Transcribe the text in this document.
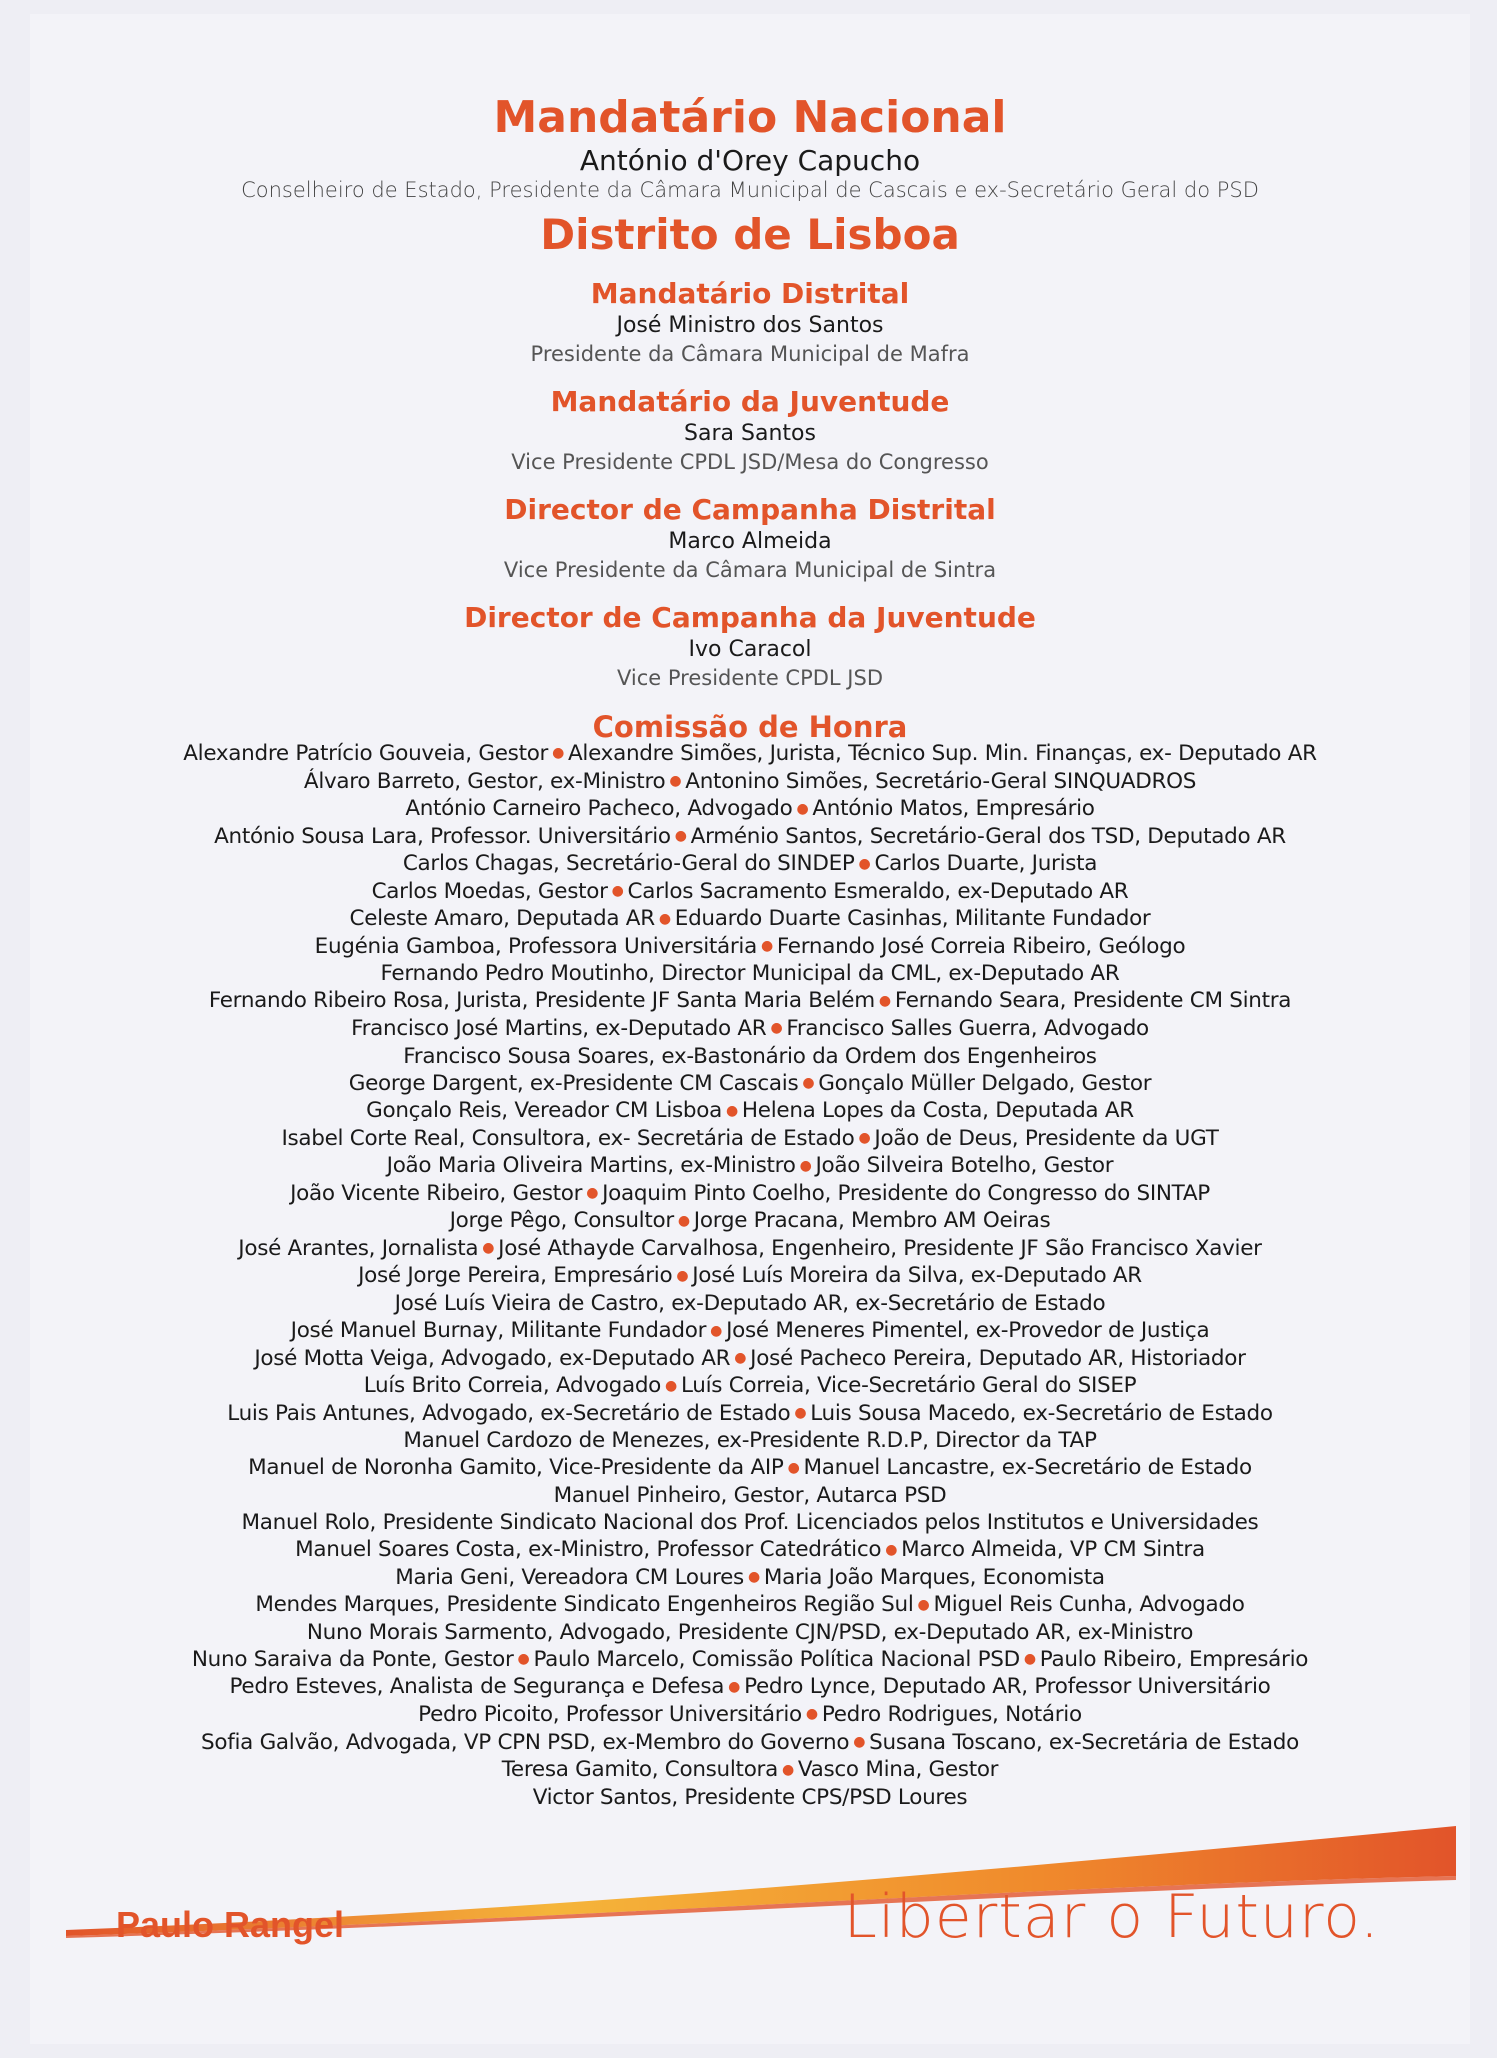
Mandatário Nacional
António d'Orey Capucho
Conselheiro de Estado, Presidente da Câmara Municipal de Cascais e ex-Secretário Geral do PSD
Distrito de Lisboa
Mandatário Distrital
José Ministro dos Santos
Presidente da Câmara Municipal de Mafra
Mandatário da Juventude
Sara Santos
Vice Presidente CPDL JSD/Mesa do Congresso
Director de Campanha Distrital
Marco Almeida
Vice Presidente da Câmara Municipal de Sintra
Director de Campanha da Juventude
Ivo Caracol
Vice Presidente CPDL JSD
Comissão de Honra
Alexandre Patrício Gouveia, Gestor ● Alexandre Simões, Jurista, Técnico Sup. Min. Finanças, ex- Deputado AR
Álvaro Barreto, Gestor, ex-Ministro ● Antonino Simões, Secretário-Geral SINQUADROS
António Carneiro Pacheco, Advogado ● António Matos, Empresário
António Sousa Lara, Professor. Universitário ● Arménio Santos, Secretário-Geral dos TSD, Deputado AR
Carlos Chagas, Secretário-Geral do SINDEP ● Carlos Duarte, Jurista
Carlos Moedas, Gestor ● Carlos Sacramento Esmeraldo, ex-Deputado AR
Celeste Amaro, Deputada AR ● Eduardo Duarte Casinhas, Militante Fundador
Eugénia Gamboa, Professora Universitária ● Fernando José Correia Ribeiro, Geólogo
Fernando Pedro Moutinho, Director Municipal da CML, ex-Deputado AR
Fernando Ribeiro Rosa, Jurista, Presidente JF Santa Maria Belém ● Fernando Seara, Presidente CM Sintra
Francisco José Martins, ex-Deputado AR ● Francisco Salles Guerra, Advogado
Francisco Sousa Soares, ex-Bastonário da Ordem dos Engenheiros
George Dargent, ex-Presidente CM Cascais ● Gonçalo Müller Delgado, Gestor
Gonçalo Reis, Vereador CM Lisboa ● Helena Lopes da Costa, Deputada AR
Isabel Corte Real, Consultora, ex- Secretária de Estado ● João de Deus, Presidente da UGT
João Maria Oliveira Martins, ex-Ministro ● João Silveira Botelho, Gestor
João Vicente Ribeiro, Gestor ● Joaquim Pinto Coelho, Presidente do Congresso do SINTAP
Jorge Pêgo, Consultor ● Jorge Pracana, Membro AM Oeiras
José Arantes, Jornalista ● José Athayde Carvalhosa, Engenheiro, Presidente JF São Francisco Xavier
José Jorge Pereira, Empresário ● José Luís Moreira da Silva, ex-Deputado AR
José Luís Vieira de Castro, ex-Deputado AR, ex-Secretário de Estado
José Manuel Burnay, Militante Fundador ● José Meneres Pimentel, ex-Provedor de Justiça
José Motta Veiga, Advogado, ex-Deputado AR ● José Pacheco Pereira, Deputado AR, Historiador
Luís Brito Correia, Advogado ● Luís Correia, Vice-Secretário Geral do SISEP
Luis Pais Antunes, Advogado, ex-Secretário de Estado ● Luis Sousa Macedo, ex-Secretário de Estado
Manuel Cardozo de Menezes, ex-Presidente R.D.P, Director da TAP
Manuel de Noronha Gamito, Vice-Presidente da AIP ● Manuel Lancastre, ex-Secretário de Estado
Manuel Pinheiro, Gestor, Autarca PSD
Manuel Rolo, Presidente Sindicato Nacional dos Prof. Licenciados pelos Institutos e Universidades
Manuel Soares Costa, ex-Ministro, Professor Catedrático ● Marco Almeida, VP CM Sintra
Maria Geni, Vereadora CM Loures ● Maria João Marques, Economista
Mendes Marques, Presidente Sindicato Engenheiros Região Sul ● Miguel Reis Cunha, Advogado
Nuno Morais Sarmento, Advogado, Presidente CJN/PSD, ex-Deputado AR, ex-Ministro
Nuno Saraiva da Ponte, Gestor ● Paulo Marcelo, Comissão Política Nacional PSD ● Paulo Ribeiro, Empresário
Pedro Esteves, Analista de Segurança e Defesa ● Pedro Lynce, Deputado AR, Professor Universitário
Pedro Picoito, Professor Universitário ● Pedro Rodrigues, Notário
Sofia Galvão, Advogada, VP CPN PSD, ex-Membro do Governo ● Susana Toscano, ex-Secretária de Estado
Teresa Gamito, Consultora ● Vasco Mina, Gestor
Victor Santos, Presidente CPS/PSD Loures
Paulo Rangel	Libertar o Futuro.
